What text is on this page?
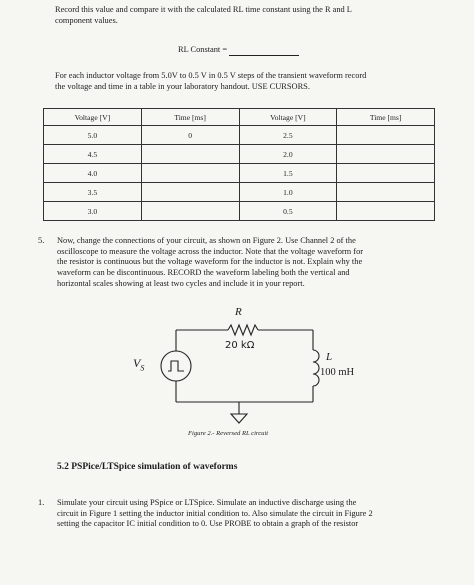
Record this value and compare it with the calculated RL time constant using the R and L
component values.
RL Constant =
For each inductor voltage from 5.0V to 0.5 V in 0.5 V steps of the transient waveform record
the voltage and time in a table in your laboratory handout. USE CURSORS.
Voltage [V]	Time [ms]	Voltage [V]	Time [ms]
5.0	0	2.5	
4.5		2.0	
4.0		1.5	
3.5		1.0	
3.0		0.5	
5. Now, change the connections of your circuit, as shown on Figure 2. Use Channel 2 of the
oscilloscope to measure the voltage across the inductor. Note that the voltage waveform for
the resistor is continuous but the voltage waveform for the inductor is not. Explain why the
waveform can be discontinuous. RECORD the waveform labeling both the vertical and
horizontal scales showing at least two cycles and include it in your report.
R
20 kΩ
$V_S$
L
100 mH
Figure 2.- Reversed RL circuit
5.2 PSPice/LTSpice simulation of waveforms
1. Simulate your circuit using PSpice or LTSpice. Simulate an inductive discharge using the
circuit in Figure 1 setting the inductor initial condition to. Also simulate the circuit in Figure 2
setting the capacitor IC initial condition to 0. Use PROBE to obtain a graph of the resistor
